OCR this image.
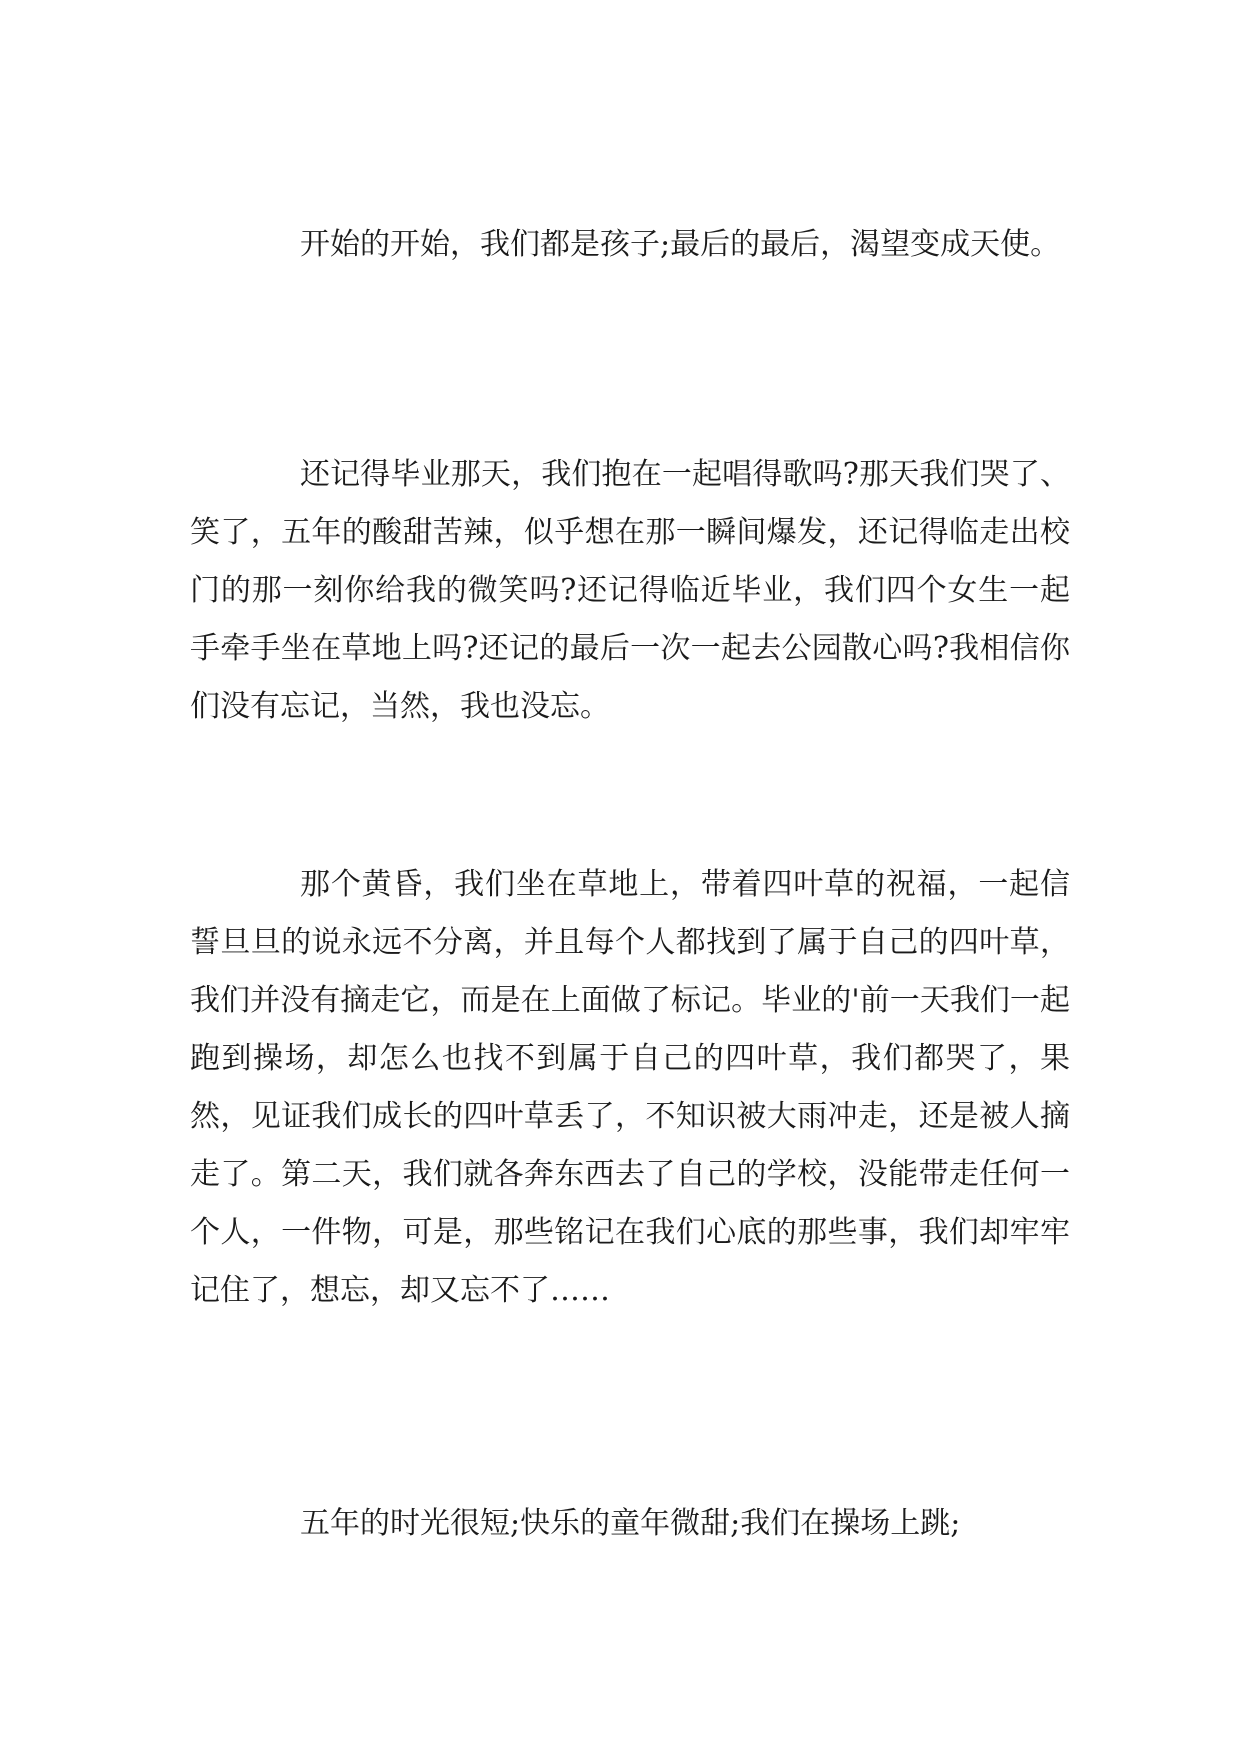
开始的开始，我们都是孩子;最后的最后，渴望变成天使。

还记得毕业那天，我们抱在一起唱得歌吗?那天我们哭了、笑了，五年的酸甜苦辣，似乎想在那一瞬间爆发，还记得临走出校门的那一刻你给我的微笑吗?还记得临近毕业，我们四个女生一起手牵手坐在草地上吗?还记的最后一次一起去公园散心吗?我相信你们没有忘记，当然，我也没忘。

那个黄昏，我们坐在草地上，带着四叶草的祝福，一起信誓旦旦的说永远不分离，并且每个人都找到了属于自己的四叶草，我们并没有摘走它，而是在上面做了标记。毕业的'前一天我们一起跑到操场，却怎么也找不到属于自己的四叶草，我们都哭了，果然，见证我们成长的四叶草丢了，不知识被大雨冲走，还是被人摘走了。第二天，我们就各奔东西去了自己的学校，没能带走任何一个人，一件物，可是，那些铭记在我们心底的那些事，我们却牢牢记住了，想忘，却又忘不了……

五年的时光很短;快乐的童年微甜;我们在操场上跳;
